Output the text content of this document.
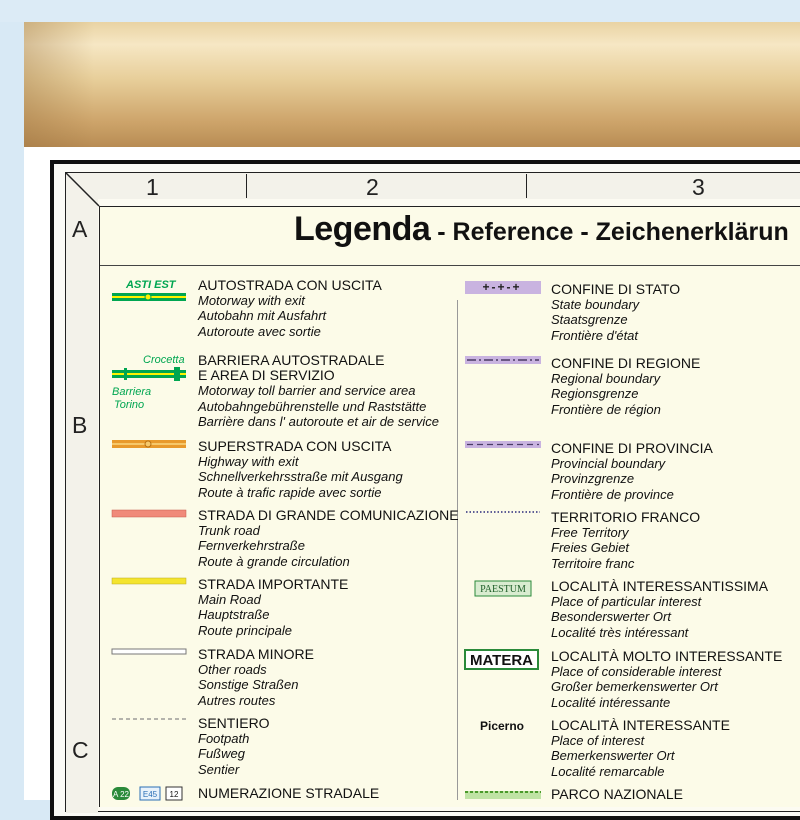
1	2	3
A
B
C
Legenda - Reference - Zeichenerklärun
ASTI EST
Crocetta
Barriera
Torino
A 22 E45 12
AUTOSTRADA CON USCITA
Motorway with exit
Autobahn mit Ausfahrt
Autoroute avec sortie
BARRIERA AUTOSTRADALE
E AREA DI SERVIZIO
Motorway toll barrier and service area
Autobahngebührenstelle und Raststätte
Barrière dans l' autoroute et air de service
SUPERSTRADA CON USCITA
Highway with exit
Schnellverkehrsstraße mit Ausgang
Route à trafic rapide avec sortie
STRADA DI GRANDE COMUNICAZIONE
Trunk road
Fernverkehrstraße
Route à grande circulation
STRADA IMPORTANTE
Main Road
Hauptstraße
Route principale
STRADA MINORE
Other roads
Sonstige Straßen
Autres routes
SENTIERO
Footpath
Fußweg
Sentier
NUMERAZIONE STRADALE
+-+-+
PAESTUM
MATERA
Picerno
CONFINE DI STATO
State boundary
Staatsgrenze
Frontière d'état
CONFINE DI REGIONE
Regional boundary
Regionsgrenze
Frontière de région
CONFINE DI PROVINCIA
Provincial boundary
Provinzgrenze
Frontière de province
TERRITORIO FRANCO
Free Territory
Freies Gebiet
Territoire franc
LOCALITÀ INTERESSANTISSIMA
Place of particular interest
Besonderswerter Ort
Localité très intéressant
LOCALITÀ MOLTO INTERESSANTE
Place of considerable interest
Großer bemerkenswerter Ort
Localité intéressante
LOCALITÀ INTERESSANTE
Place of interest
Bemerkenswerter Ort
Localité remarcable
PARCO NAZIONALE
